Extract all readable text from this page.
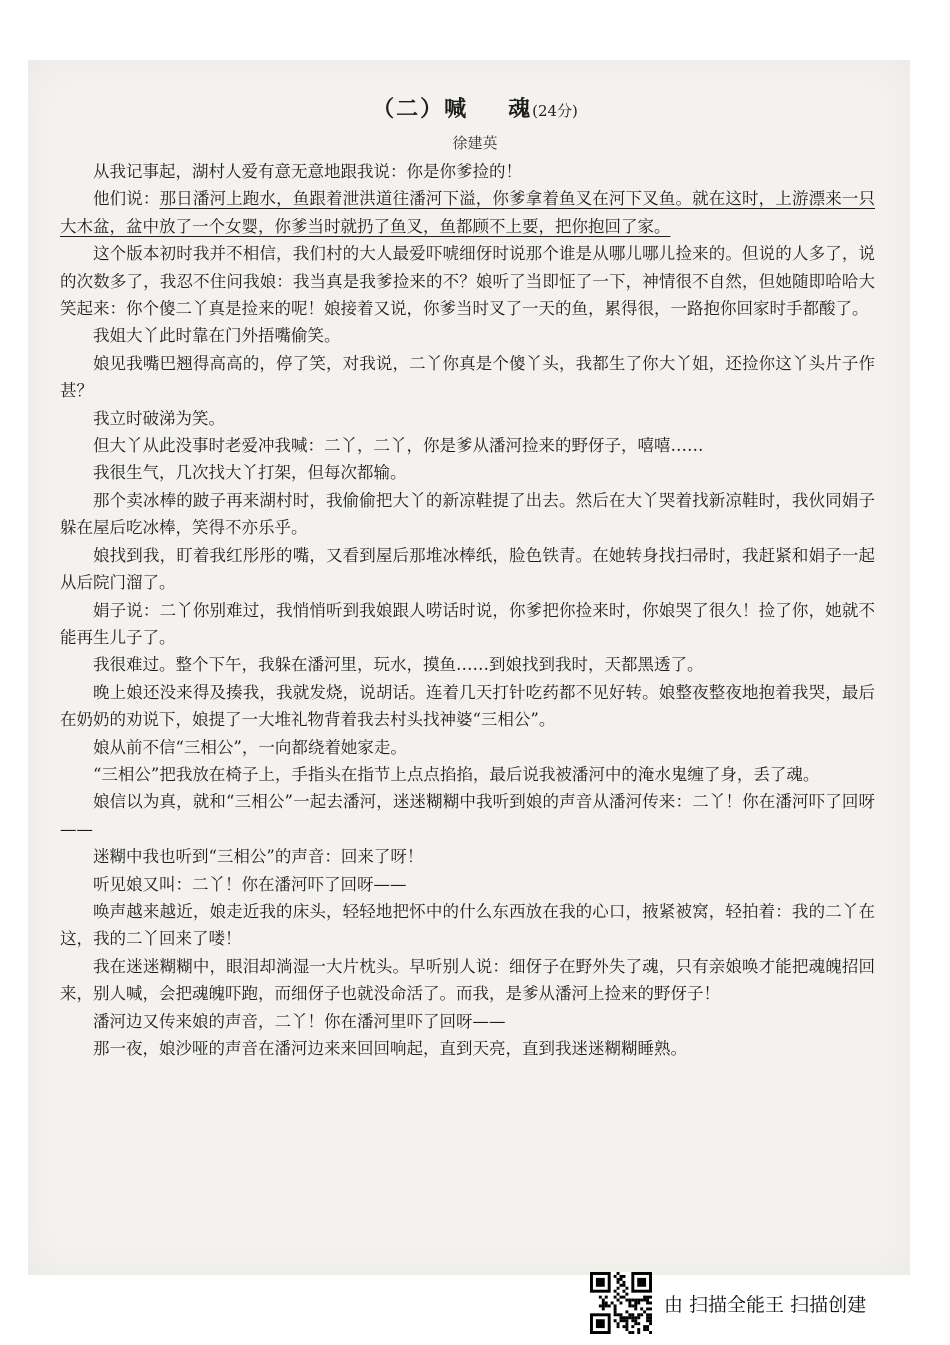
（二）喊 魂(24分)
徐建英

从我记事起，湖村人爱有意无意地跟我说：你是你爹捡的！

他们说：那日潘河上跑水，鱼跟着泄洪道往潘河下溢，你爹拿着鱼叉在河下叉鱼。就在这时，上游漂来一只大木盆，盆中放了一个女婴，你爹当时就扔了鱼叉，鱼都顾不上要，把你抱回了家。

这个版本初时我并不相信，我们村的大人最爱吓唬细伢时说那个谁是从哪儿哪儿捡来的。但说的人多了，说的次数多了，我忍不住问我娘：我当真是我爹捡来的不？娘听了当即怔了一下，神情很不自然，但她随即哈哈大笑起来：你个傻二丫真是捡来的呢！娘接着又说，你爹当时叉了一天的鱼，累得很，一路抱你回家时手都酸了。

我姐大丫此时靠在门外捂嘴偷笑。

娘见我嘴巴翘得高高的，停了笑，对我说，二丫你真是个傻丫头，我都生了你大丫姐，还捡你这丫头片子作甚？

我立时破涕为笑。

但大丫从此没事时老爱冲我喊：二丫，二丫，你是爹从潘河捡来的野伢子，嘻嘻……

我很生气，几次找大丫打架，但每次都输。

那个卖冰棒的跛子再来湖村时，我偷偷把大丫的新凉鞋提了出去。然后在大丫哭着找新凉鞋时，我伙同娟子躲在屋后吃冰棒，笑得不亦乐乎。

娘找到我，盯着我红彤彤的嘴，又看到屋后那堆冰棒纸，脸色铁青。在她转身找扫帚时，我赶紧和娟子一起从后院门溜了。

娟子说：二丫你别难过，我悄悄听到我娘跟人唠话时说，你爹把你捡来时，你娘哭了很久！捡了你，她就不能再生儿子了。

我很难过。整个下午，我躲在潘河里，玩水，摸鱼……到娘找到我时，天都黑透了。

晚上娘还没来得及揍我，我就发烧，说胡话。连着几天打针吃药都不见好转。娘整夜整夜地抱着我哭，最后在奶奶的劝说下，娘提了一大堆礼物背着我去村头找神婆“三相公”。

娘从前不信“三相公”，一向都绕着她家走。

“三相公”把我放在椅子上，手指头在指节上点点掐掐，最后说我被潘河中的淹水鬼缠了身，丢了魂。

娘信以为真，就和“三相公”一起去潘河，迷迷糊糊中我听到娘的声音从潘河传来：二丫！你在潘河吓了回呀——

迷糊中我也听到“三相公”的声音：回来了呀！

听见娘又叫：二丫！你在潘河吓了回呀——

唤声越来越近，娘走近我的床头，轻轻地把怀中的什么东西放在我的心口，掖紧被窝，轻拍着：我的二丫在这，我的二丫回来了喽！

我在迷迷糊糊中，眼泪却淌湿一大片枕头。早听别人说：细伢子在野外失了魂，只有亲娘唤才能把魂魄招回来，别人喊，会把魂魄吓跑，而细伢子也就没命活了。而我，是爹从潘河上捡来的野伢子！

潘河边又传来娘的声音，二丫！你在潘河里吓了回呀——

那一夜，娘沙哑的声音在潘河边来来回回响起，直到天亮，直到我迷迷糊糊睡熟。

由 扫描全能王 扫描创建
